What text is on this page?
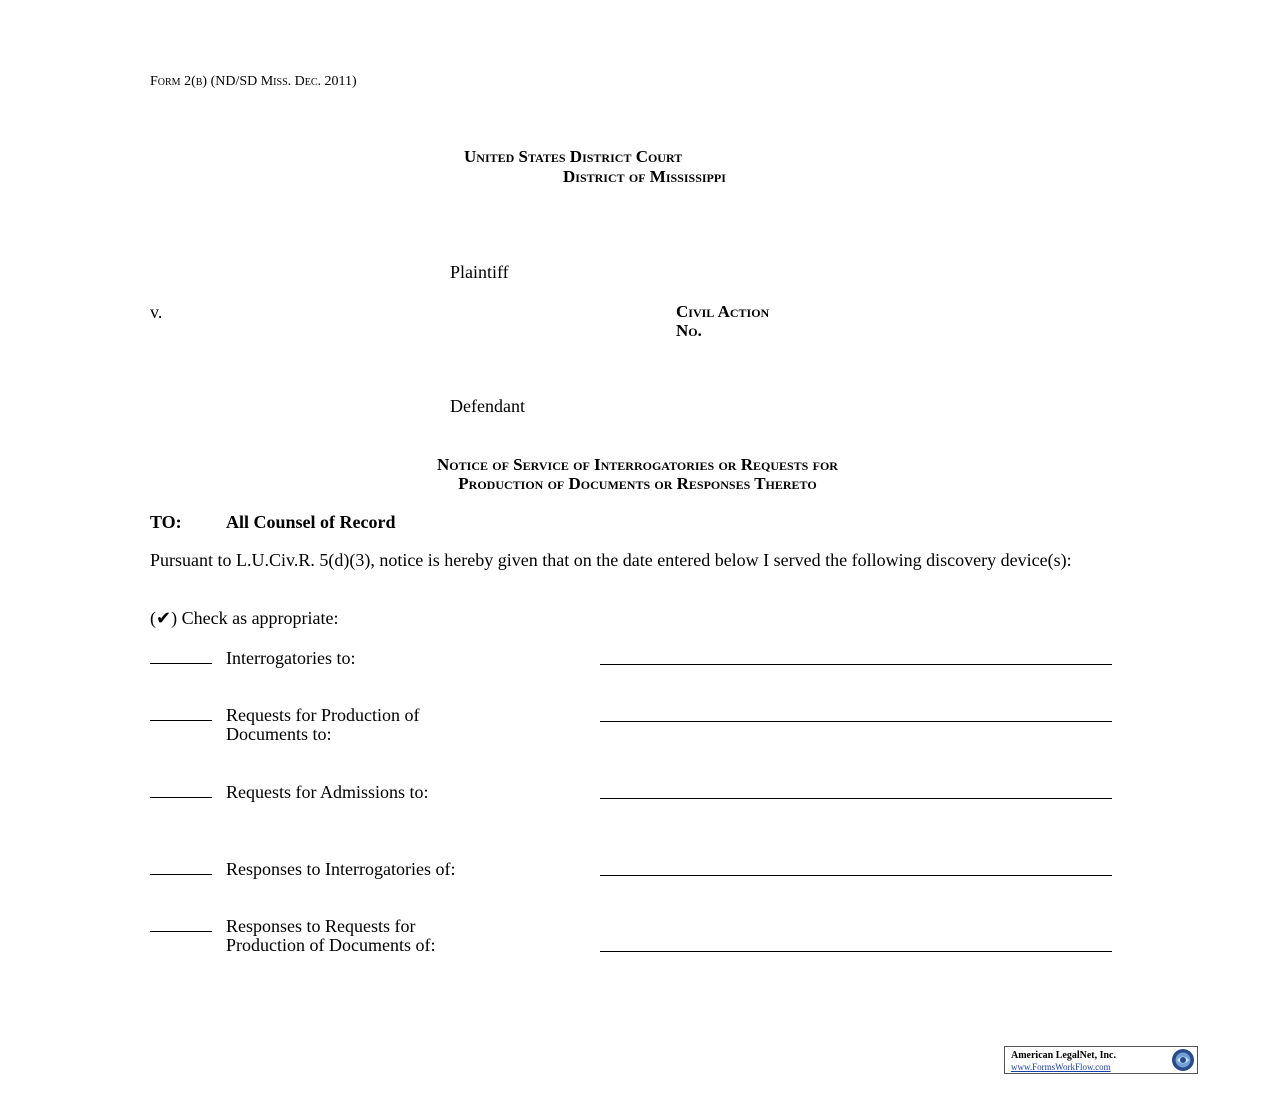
Form 2(b) (ND/SD Miss. Dec. 2011)
United States District Court
District of Mississippi
Plaintiff
v.	Civil Action
No.
Defendant
Notice of Service of Interrogatories or Requests for
Production of Documents or Responses Thereto
TO: All Counsel of Record
Pursuant to L.U.Civ.R. 5(d)(3), notice is hereby given that on the date entered below I served the following discovery device(s):
(✔) Check as appropriate:
Interrogatories to:
Requests for Production of
Documents to:
Requests for Admissions to:
Responses to Interrogatories of:
Responses to Requests for
Production of Documents of:
American LegalNet, Inc.
www.FormsWorkFlow.com
